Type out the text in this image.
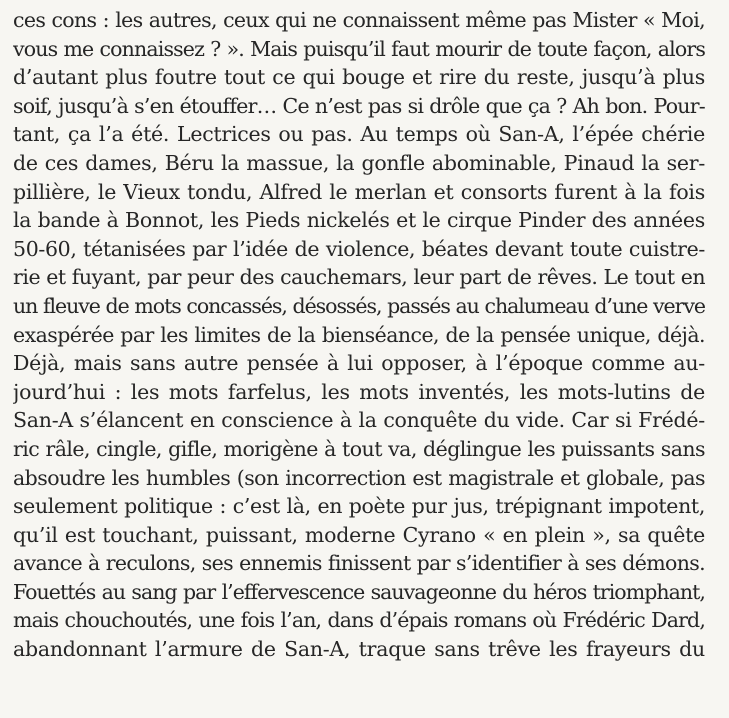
ces cons : les autres, ceux qui ne connaissent même pas Mister « Moi,
vous me connaissez ? ». Mais puisqu’il faut mourir de toute façon, alors
d’autant plus foutre tout ce qui bouge et rire du reste, jusqu’à plus
soif, jusqu’à s’en étouffer… Ce n’est pas si drôle que ça ? Ah bon. Pour-
tant, ça l’a été. Lectrices ou pas. Au temps où San-A, l’épée chérie
de ces dames, Béru la massue, la gonfle abominable, Pinaud la ser-
pillière, le Vieux tondu, Alfred le merlan et consorts furent à la fois
la bande à Bonnot, les Pieds nickelés et le cirque Pinder des années
50-60, tétanisées par l’idée de violence, béates devant toute cuistre-
rie et fuyant, par peur des cauchemars, leur part de rêves. Le tout en
un fleuve de mots concassés, désossés, passés au chalumeau d’une verve
exaspérée par les limites de la bienséance, de la pensée unique, déjà.
Déjà, mais sans autre pensée à lui opposer, à l’époque comme au-
jourd’hui : les mots farfelus, les mots inventés, les mots-lutins de
San-A s’élancent en conscience à la conquête du vide. Car si Frédé-
ric râle, cingle, gifle, morigène à tout va, déglingue les puissants sans
absoudre les humbles (son incorrection est magistrale et globale, pas
seulement politique : c’est là, en poète pur jus, trépignant impotent,
qu’il est touchant, puissant, moderne Cyrano « en plein », sa quête
avance à reculons, ses ennemis finissent par s’identifier à ses démons.
Fouettés au sang par l’effervescence sauvageonne du héros triomphant,
mais chouchoutés, une fois l’an, dans d’épais romans où Frédéric Dard,
abandonnant l’armure de San-A, traque sans trêve les frayeurs du
